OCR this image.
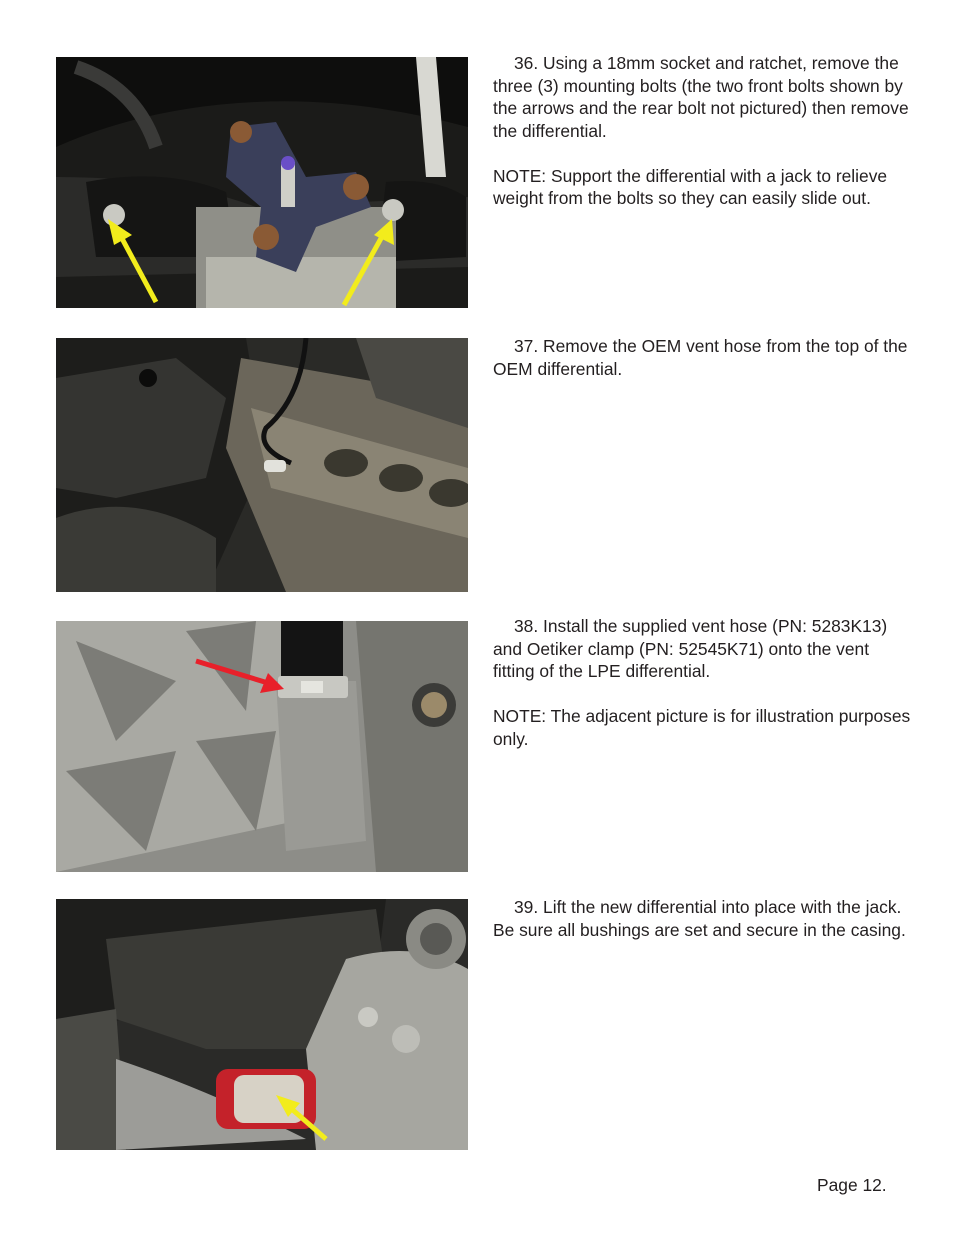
36. Using a 18mm socket and ratchet, remove the three (3) mounting bolts (the two front bolts shown by the arrows and the rear bolt not pictured) then remove the differential.

NOTE: Support the differential with a jack to relieve weight from the bolts so they can easily slide out.

37. Remove the OEM vent hose from the top of the OEM differential.

38. Install the supplied vent hose (PN: 5283K13) and Oetiker clamp (PN: 52545K71) onto the vent fitting of the LPE differential.

NOTE: The adjacent picture is for illustration purposes only.

39. Lift the new differential into place with the jack. Be sure all bushings are set and secure in the casing.

Page 12.
